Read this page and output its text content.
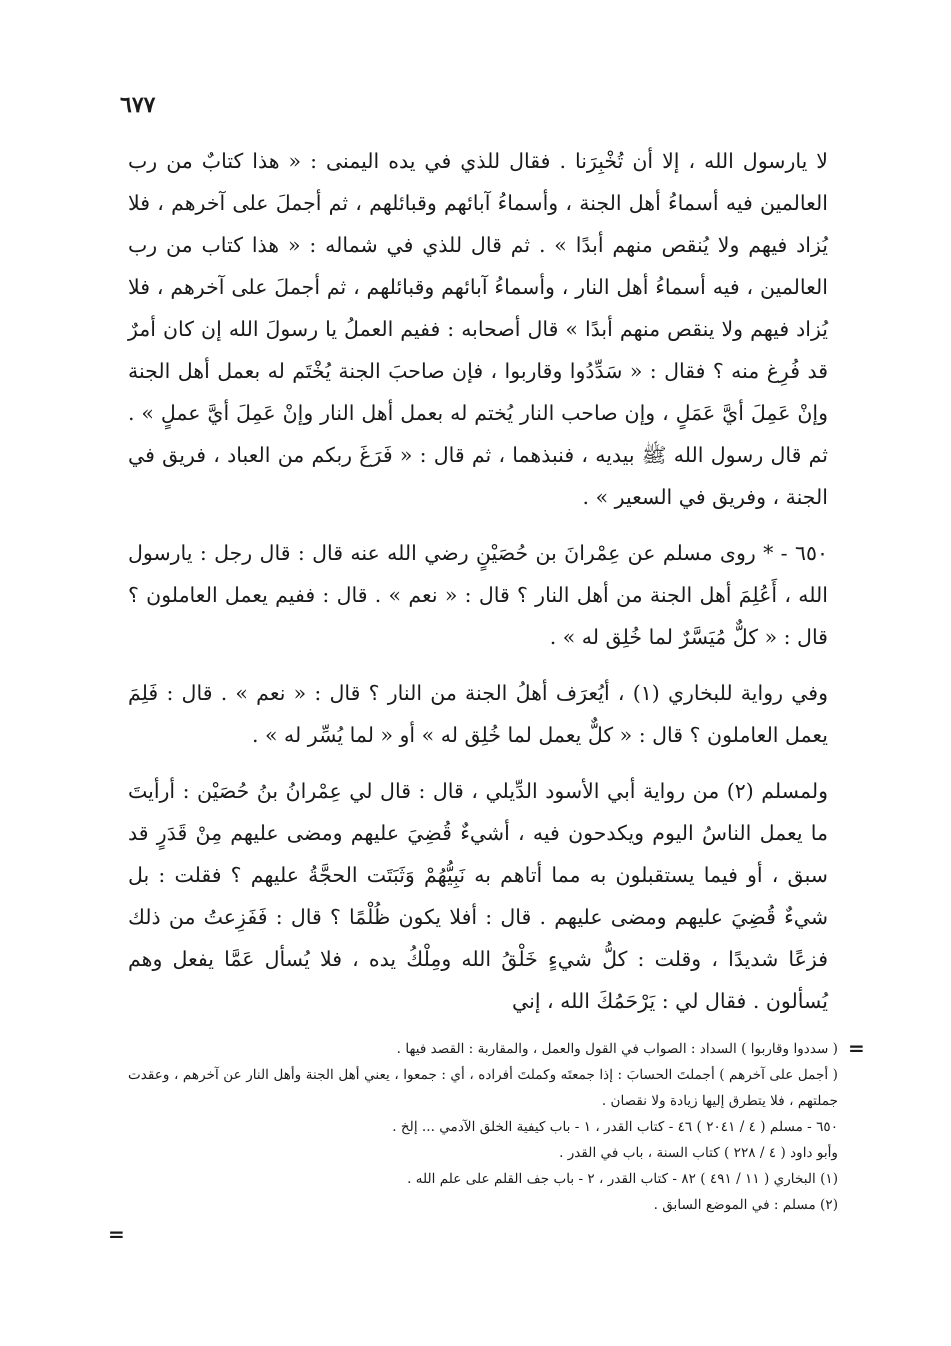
٦٧٧

لا يارسول الله ، إلا أن تُخْبِرَنا . فقال للذي في يده اليمنى : « هذا كتابٌ من رب العالمين فيه أسماءُ أهل الجنة ، وأسماءُ آبائهم وقبائلهم ، ثم أجملَ على آخرهم ، فلا يُزاد فيهم ولا يُنقص منهم أبدًا » . ثم قال للذي في شماله : « هذا كتاب من رب العالمين ، فيه أسماءُ أهل النار ، وأسماءُ آبائهم وقبائلهم ، ثم أجملَ على آخرهم ، فلا يُزاد فيهم ولا ينقص منهم أبدًا » قال أصحابه : ففيم العملُ يا رسولَ الله إن كان أمرٌ قد فُرِغ منه ؟ فقال : « سَدِّدُوا وقاربوا ، فإن صاحبَ الجنة يُخْتَم له بعمل أهل الجنة وإنْ عَمِلَ أيَّ عَمَلٍ ، وإن صاحب النار يُختم له بعمل أهل النار وإنْ عَمِلَ أيَّ عملٍ » . ثم قال رسول الله ﷺ بيديه ، فنبذهما ، ثم قال : « فَرَغَ ربكم من العباد ، فريق في الجنة ، وفريق في السعير » .

٦٥٠ - * روى مسلم عن عِمْرانَ بن حُصَيْنٍ رضي الله عنه قال : قال رجل : يارسول الله ، أَعُلِمَ أهل الجنة من أهل النار ؟ قال : « نعم » . قال : ففيم يعمل العاملون ؟ قال : « كلٌّ مُيَسَّرٌ لما خُلِق له » .

وفي رواية للبخاري (١) ، أيُعرَف أهلُ الجنة من النار ؟ قال : « نعم » . قال : فَلِمَ يعمل العاملون ؟ قال : « كلٌّ يعمل لما خُلِق له » أو « لما يُسِّر له » .

ولمسلم (٢) من رواية أبي الأسود الدِّيلي ، قال : قال لي عِمْرانُ بنُ حُصَيْن : أرأيتَ ما يعمل الناسُ اليوم ويكدحون فيه ، أشيءٌ قُضِيَ عليهم ومضى عليهم مِنْ قَدَرٍ قد سبق ، أو فيما يستقبلون به مما أتاهم به نَبِيُّهُمْ وَثَبَتَت الحجَّةُ عليهم ؟ فقلت : بل شيءٌ قُضِيَ عليهم ومضى عليهم . قال : أفلا يكون ظُلْمًا ؟ قال : فَفَزِعتُ من ذلك فزعًا شديدًا ، وقلت : كلُّ شيءٍ خَلْقُ الله ومِلْكُ يده ، فلا يُسأل عَمَّا يفعل وهم يُسألون . فقال لي : يَرْحَمُكَ الله ، إني

=

( سددوا وقاربوا ) السداد : الصواب في القول والعمل ، والمقاربة : القصد فيها .

( أجمل على آخرهم ) أجملتَ الحسابَ : إذا جمعتَه وكملتَ أفراده ، أي : جمعوا ، يعني أهل الجنة وأهل النار عن آخرهم ، وعقدت جملتهم ، فلا يتطرق إليها زيادة ولا نقصان .

٦٥٠ - مسلم ( ٤ / ٢٠٤١ ) ٤٦ - كتاب القدر ، ١ - باب كيفية الخلق الآدمي ... إلخ .

وأبو داود ( ٤ / ٢٢٨ ) كتاب السنة ، باب في القدر .

(١) البخاري ( ١١ / ٤٩١ ) ٨٢ - كتاب القدر ، ٢ - باب جف القلم على علم الله .

(٢) مسلم : في الموضع السابق .

=
